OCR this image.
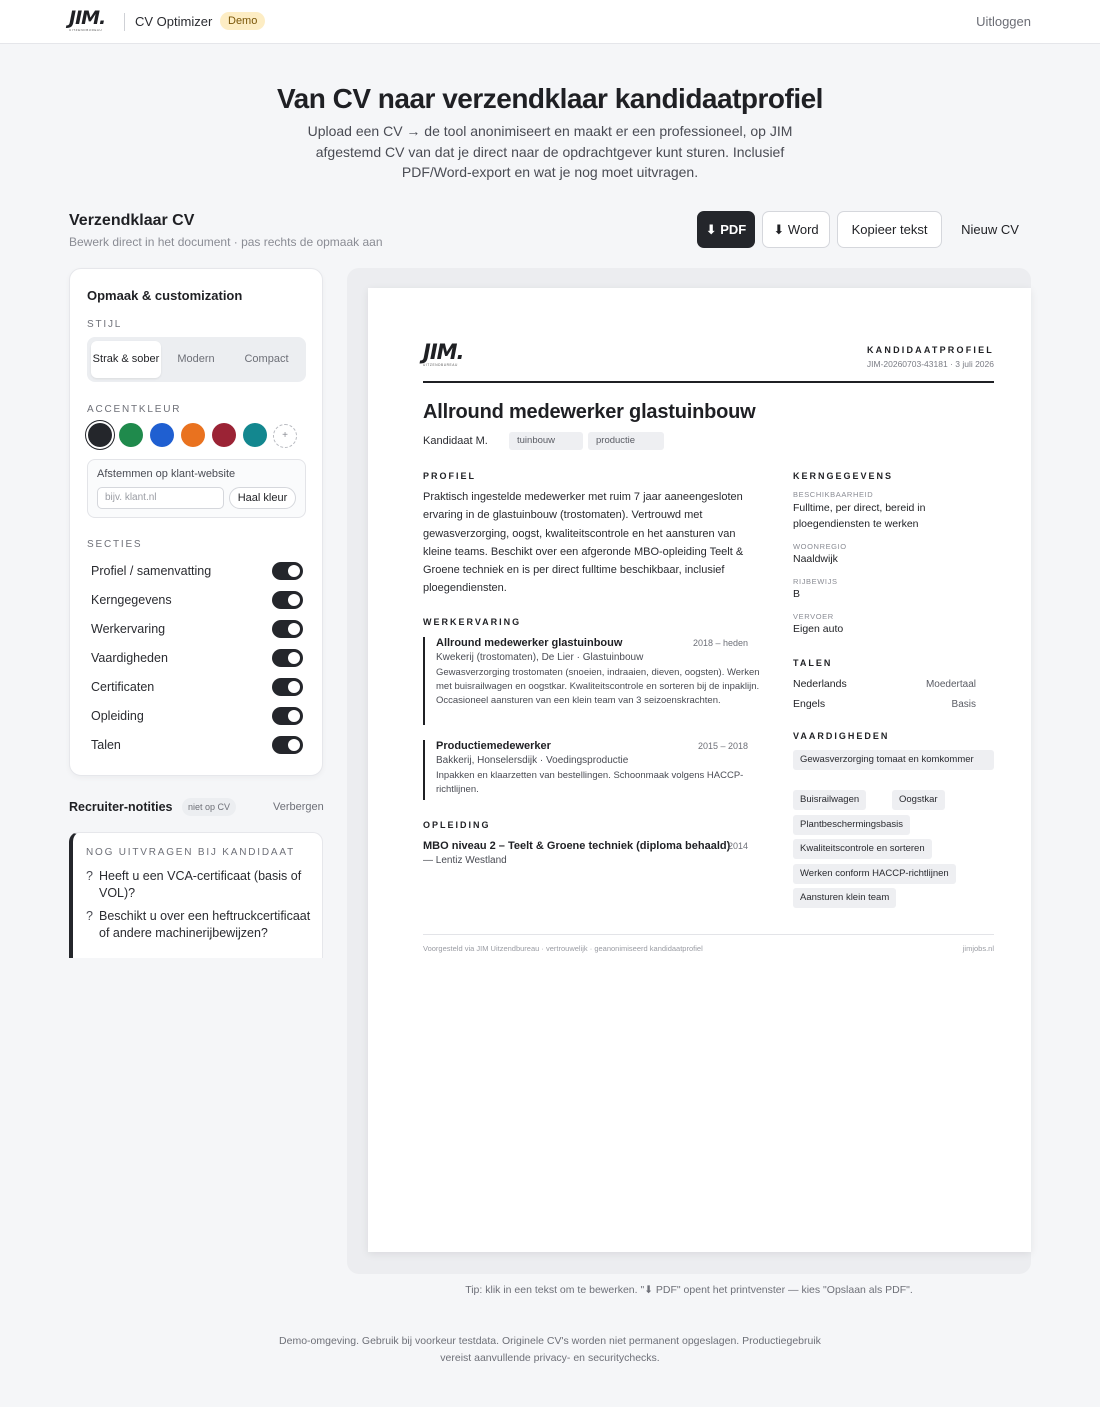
JIM.
UITZENDBUREAU
CV Optimizer	Demo	Uitloggen
Van CV naar verzendklaar kandidaatprofiel
Upload een CV → de tool anonimiseert en maakt er een professioneel, op JIM afgestemd CV van dat je direct naar de opdrachtgever kunt sturen. Inclusief PDF/Word-export en wat je nog moet uitvragen.
Verzendklaar CV
Bewerk direct in het document · pas rechts de opmaak aan
⬇ PDF	⬇ Word	Kopieer tekst	Nieuw CV
Opmaak & customization
STIJL
Strak & sober	Modern	Compact
ACCENTKLEUR
+
Afstemmen op klant-website
bijv. klant.nl	Haal kleur
SECTIES
Profiel / samenvatting
Kerngegevens
Werkervaring
Vaardigheden
Certificaten
Opleiding
Talen
Recruiter-notities	niet op CV	Verbergen
NOG UITVRAGEN BIJ KANDIDAAT
? Heeft u een VCA-certificaat (basis of VOL)?
? Beschikt u over een heftruckcertificaat of andere machinerijbewijzen?
JIM.
UITZENDBUREAU
KANDIDAATPROFIEL
JIM-20260703-43181 · 3 juli 2026
Allround medewerker glastuinbouw
Kandidaat M.	tuinbouw	productie
PROFIEL
Praktisch ingestelde medewerker met ruim 7 jaar aaneengesloten ervaring in de glastuinbouw (trostomaten). Vertrouwd met gewasverzorging, oogst, kwaliteitscontrole en het aansturen van kleine teams. Beschikt over een afgeronde MBO-opleiding Teelt & Groene techniek en is per direct fulltime beschikbaar, inclusief ploegendiensten.
WERKERVARING
Allround medewerker glastuinbouw	2018 – heden
Kwekerij (trostomaten), De Lier · Glastuinbouw
Gewasverzorging trostomaten (snoeien, indraaien, dieven, oogsten). Werken met buisrailwagen en oogstkar. Kwaliteitscontrole en sorteren bij de inpaklijn. Occasioneel aansturen van een klein team van 3 seizoenskrachten.
Productiemedewerker	2015 – 2018
Bakkerij, Honselersdijk · Voedingsproductie
Inpakken en klaarzetten van bestellingen. Schoonmaak volgens HACCP-richtlijnen.
OPLEIDING
MBO niveau 2 – Teelt & Groene techniek (diploma behaald)
2014
— Lentiz Westland
KERNGEGEVENS
BESCHIKBAARHEID
Fulltime, per direct, bereid in ploegendiensten te werken
WOONREGIO
Naaldwijk
RIJBEWIJS
B
VERVOER
Eigen auto
TALEN
Nederlands	Moedertaal
Engels	Basis
VAARDIGHEDEN
Gewasverzorging tomaat en komkommer
Buisrailwagen	Oogstkar
Plantbeschermingsbasis
Kwaliteitscontrole en sorteren
Werken conform HACCP-richtlijnen
Aansturen klein team
Voorgesteld via JIM Uitzendbureau · vertrouwelijk · geanonimiseerd kandidaatprofiel	jimjobs.nl
Tip: klik in een tekst om te bewerken. "⬇ PDF" opent het printvenster — kies "Opslaan als PDF".
Demo-omgeving. Gebruik bij voorkeur testdata. Originele CV's worden niet permanent opgeslagen. Productiegebruik vereist aanvullende privacy- en securitychecks.
